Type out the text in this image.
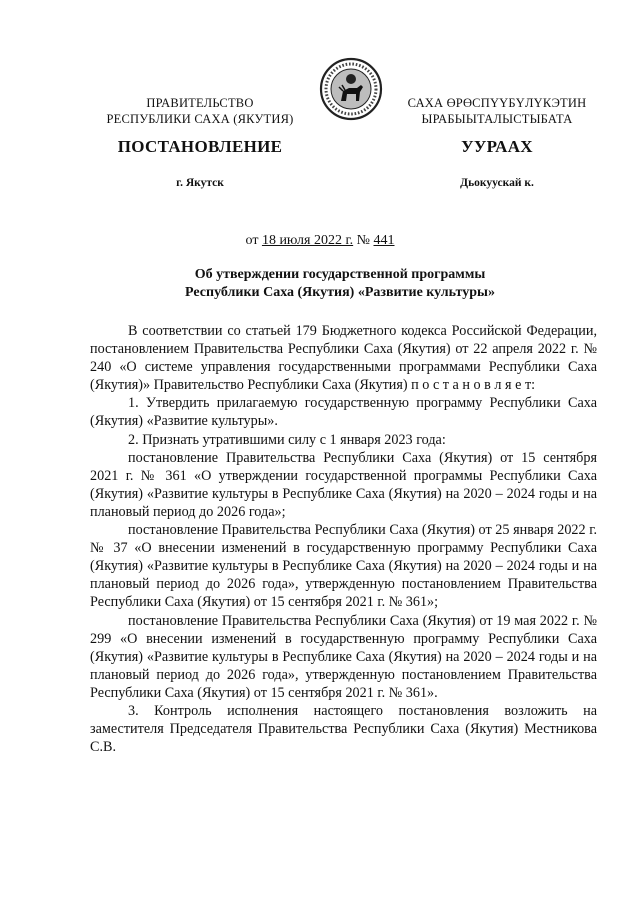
ПРАВИТЕЛЬСТВО
РЕСПУБЛИКИ САХА (ЯКУТИЯ)
САХА ӨРӨСПҮҮБҮЛҮКЭТИН
ЫРАБЫЫТАЛЫСТЫБАТА
ПОСТАНОВЛЕНИЕ	УУРААХ
г. Якутск	Дьокуускай к.
от 18 июля 2022 г. № 441
Об утверждении государственной программы
Республики Саха (Якутия) «Развитие культуры»

В соответствии со статьей 179 Бюджетного кодекса Российской Федерации, постановлением Правительства Республики Саха (Якутия) от 22 апреля 2022 г. № 240 «О системе управления государственными программами Республики Саха (Якутия)» Правительство Республики Саха (Якутия) п о с т а н о в л я е т:

1. Утвердить прилагаемую государственную программу Республики Саха (Якутия) «Развитие культуры».

2. Признать утратившими силу с 1 января 2023 года:

постановление Правительства Республики Саха (Якутия) от 15 сентября 2021 г. № 361 «О утверждении государственной программы Республики Саха (Якутия) «Развитие культуры в Республике Саха (Якутия) на 2020 – 2024 годы и на плановый период до 2026 года»;

постановление Правительства Республики Саха (Якутия) от 25 января 2022 г. № 37 «О внесении изменений в государственную программу Республики Саха (Якутия) «Развитие культуры в Республике Саха (Якутия) на 2020 – 2024 годы и на плановый период до 2026 года», утвержденную постановлением Правительства Республики Саха (Якутия) от 15 сентября 2021 г. № 361»;

постановление Правительства Республики Саха (Якутия) от 19 мая 2022 г. № 299 «О внесении изменений в государственную программу Республики Саха (Якутия) «Развитие культуры в Республике Саха (Якутия) на 2020 – 2024 годы и на плановый период до 2026 года», утвержденную постановлением Правительства Республики Саха (Якутия) от 15 сентября 2021 г. № 361».

3. Контроль исполнения настоящего постановления возложить на заместителя Председателя Правительства Республики Саха (Якутия) Местникова С.В.
